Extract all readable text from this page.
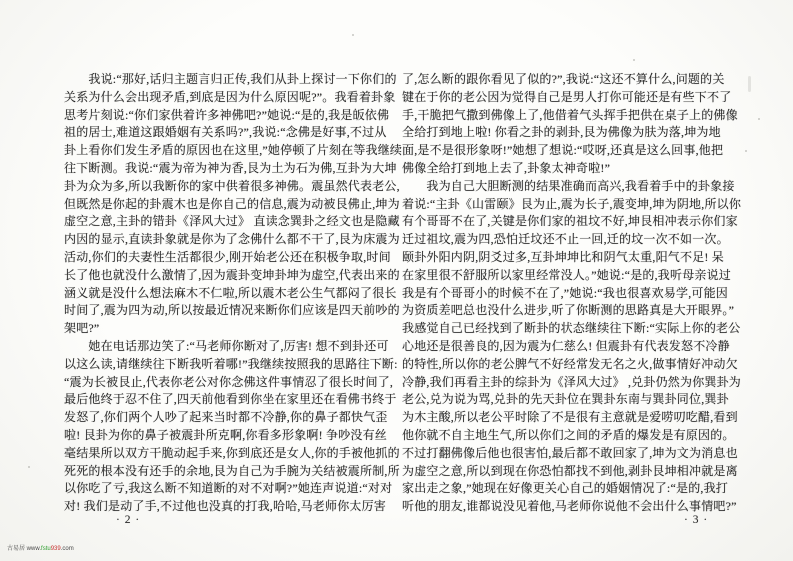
　　我说:“那好,话归主题言归正传,我们从卦上探讨一下你们的
关系为什么会出现矛盾,到底是因为什么原因呢?”。我看着卦象
思考片刻说:“你们家供着许多神佛吧?”她说:“是的,我是皈依佛
祖的居士,难道这跟婚姻有关系吗?”,我说:“念佛是好事,不过从
卦上看你们发生矛盾的原因也在这里,”她停顿了片刻在等我继续
往下断测。我说:“震为帝为神为香,艮为土为石为佛,互卦为大坤
卦为众为多,所以我断你的家中供着很多神佛。震虽然代表老公,
但既然是你起的卦震木也是你自己的信息,震为动被艮佛止,坤为
虚空之意,主卦的错卦《泽风大过》 直读念巽卦之经文也是隐藏
内因的显示,直读卦象就是你为了念佛什么都不干了,艮为床震为
活动,你们的夫妻性生活都很少,刚开始老公还在积极争取,时间
长了他也就没什么激情了,因为震卦变坤卦坤为虚空,代表出来的
涵义就是没什么想法麻木不仁啦,所以震木老公生气都闷了很长
时间了,震为四为动,所以按最近情况来断你们应该是四天前吵的
架吧?”
　　她在电话那边笑了:“马老师你断对了,厉害! 想不到卦还可
以这么读,请继续往下断我听着哪!”我继续按照我的思路往下断:
“震为长被艮止,代表你老公对你念佛这件事情忍了很长时间了,
最后他终于忍不住了,四天前他看到你坐在家里还在看佛书终于
发怒了,你们两个人吵了起来当时都不冷静,你的鼻子都快气歪
啦! 艮卦为你的鼻子被震卦所克啊,你看多形象啊! 争吵没有丝
毫结果所以双方干脆动起手来,你到底还是女人,你的手被他抓的
死死的根本没有还手的余地,艮为自己为手腕为关结被震所制,所
以你吃了亏,我这么断不知道断的对不对啊?”她连声说道:“对对
对! 我们是动了手,不过他也没真的打我,哈哈,马老师你太厉害
了,怎么断的跟你看见了似的?”,我说:“这还不算什么,问题的关
键在于你的老公因为觉得自己是男人打你可能还是有些下不了
手,干脆把气撒到佛像上了,他借着气头挥手把供在桌子上的佛像
全给打到地上啦! 你看之卦的剥卦,艮为佛像为肤为落,坤为地
面,是不是很形象呀!”她想了想说:“哎呀,还真是这么回事,他把
佛像全给打到地上去了,卦象太神奇啦!”
　　我为自己大胆断测的结果准确而高兴,我看着手中的卦象接
着说:“主卦《山雷颐》艮为止,震为长子,震变坤,坤为阴地,所以你
有个哥哥不在了,关键是你们家的祖坟不好,坤艮相冲表示你们家
迁过祖坟,震为四,恐怕迁坟还不止一回,迁的坟一次不如一次。
颐卦外阳内阴,阴爻过多,互卦坤坤比和阴气太重,阳气不足! 呆
在家里很不舒服所以家里经常没人。”她说:“是的,我听母亲说过
我是有个哥哥小的时候不在了,”她说:“我也很喜欢易学,可能因
为资质差吧总也没什么进步,听了你断测的思路真是大开眼界。”
我感觉自己已经找到了断卦的状态继续往下断:“实际上你的老公
心地还是很善良的,因为震为仁慈么! 但震卦有代表发怒不冷静
的特性,所以你的老公脾气不好经常发无名之火,做事情好冲动欠
冷静,我们再看主卦的综卦为《泽风大过》 ,兑卦仍然为你巽卦为
老公,兑为说为骂,兑卦的先天卦位在巽卦东南与巽卦同位,巽卦
为木主酸,所以老公平时除了不是很有主意就是爱唠叨吃醋,看到
他你就不自主地生气,所以你们之间的矛盾的爆发是有原因的。
不过打翻佛像后他也很害怕,最后都不敢回家了,坤为文为消息也
为虚空之意,所以到现在你恐怕都找不到他,剥卦艮坤相冲就是离
家出走之象,”她现在好像更关心自己的婚姻情况了:“是的,我打
听他的朋友,谁都说没见着他,马老师你说他不会出什么事情吧?”
· 2 ·	· 3 ·
古易居 www.fstu939.com
